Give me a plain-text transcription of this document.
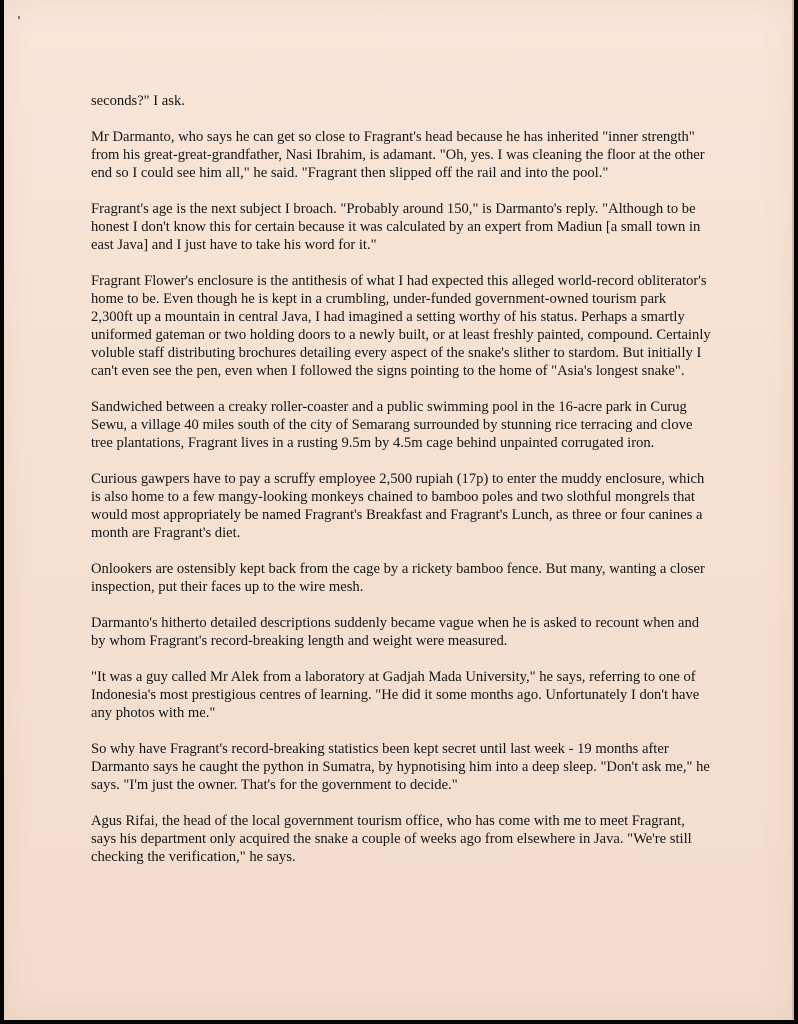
seconds?" I ask.

Mr Darmanto, who says he can get so close to Fragrant's head because he has inherited "inner strength" from his great-great-grandfather, Nasi Ibrahim, is adamant. "Oh, yes. I was cleaning the floor at the other end so I could see him all," he said. "Fragrant then slipped off the rail and into the pool."

Fragrant's age is the next subject I broach. "Probably around 150," is Darmanto's reply. "Although to be honest I don't know this for certain because it was calculated by an expert from Madiun [a small town in east Java] and I just have to take his word for it."

Fragrant Flower's enclosure is the antithesis of what I had expected this alleged world-record obliterator's home to be. Even though he is kept in a crumbling, under-funded government-owned tourism park 2,300ft up a mountain in central Java, I had imagined a setting worthy of his status. Perhaps a smartly uniformed gateman or two holding doors to a newly built, or at least freshly painted, compound. Certainly voluble staff distributing brochures detailing every aspect of the snake's slither to stardom. But initially I can't even see the pen, even when I followed the signs pointing to the home of "Asia's longest snake".

Sandwiched between a creaky roller-coaster and a public swimming pool in the 16-acre park in Curug Sewu, a village 40 miles south of the city of Semarang surrounded by stunning rice terracing and clove tree plantations, Fragrant lives in a rusting 9.5m by 4.5m cage behind unpainted corrugated iron.

Curious gawpers have to pay a scruffy employee 2,500 rupiah (17p) to enter the muddy enclosure, which is also home to a few mangy-looking monkeys chained to bamboo poles and two slothful mongrels that would most appropriately be named Fragrant's Breakfast and Fragrant's Lunch, as three or four canines a month are Fragrant's diet.

Onlookers are ostensibly kept back from the cage by a rickety bamboo fence. But many, wanting a closer inspection, put their faces up to the wire mesh.

Darmanto's hitherto detailed descriptions suddenly became vague when he is asked to recount when and by whom Fragrant's record-breaking length and weight were measured.

"It was a guy called Mr Alek from a laboratory at Gadjah Mada University," he says, referring to one of Indonesia's most prestigious centres of learning. "He did it some months ago. Unfortunately I don't have any photos with me."

So why have Fragrant's record-breaking statistics been kept secret until last week - 19 months after Darmanto says he caught the python in Sumatra, by hypnotising him into a deep sleep. "Don't ask me," he says. "I'm just the owner. That's for the government to decide."

Agus Rifai, the head of the local government tourism office, who has come with me to meet Fragrant, says his department only acquired the snake a couple of weeks ago from elsewhere in Java. "We're still checking the verification," he says.
